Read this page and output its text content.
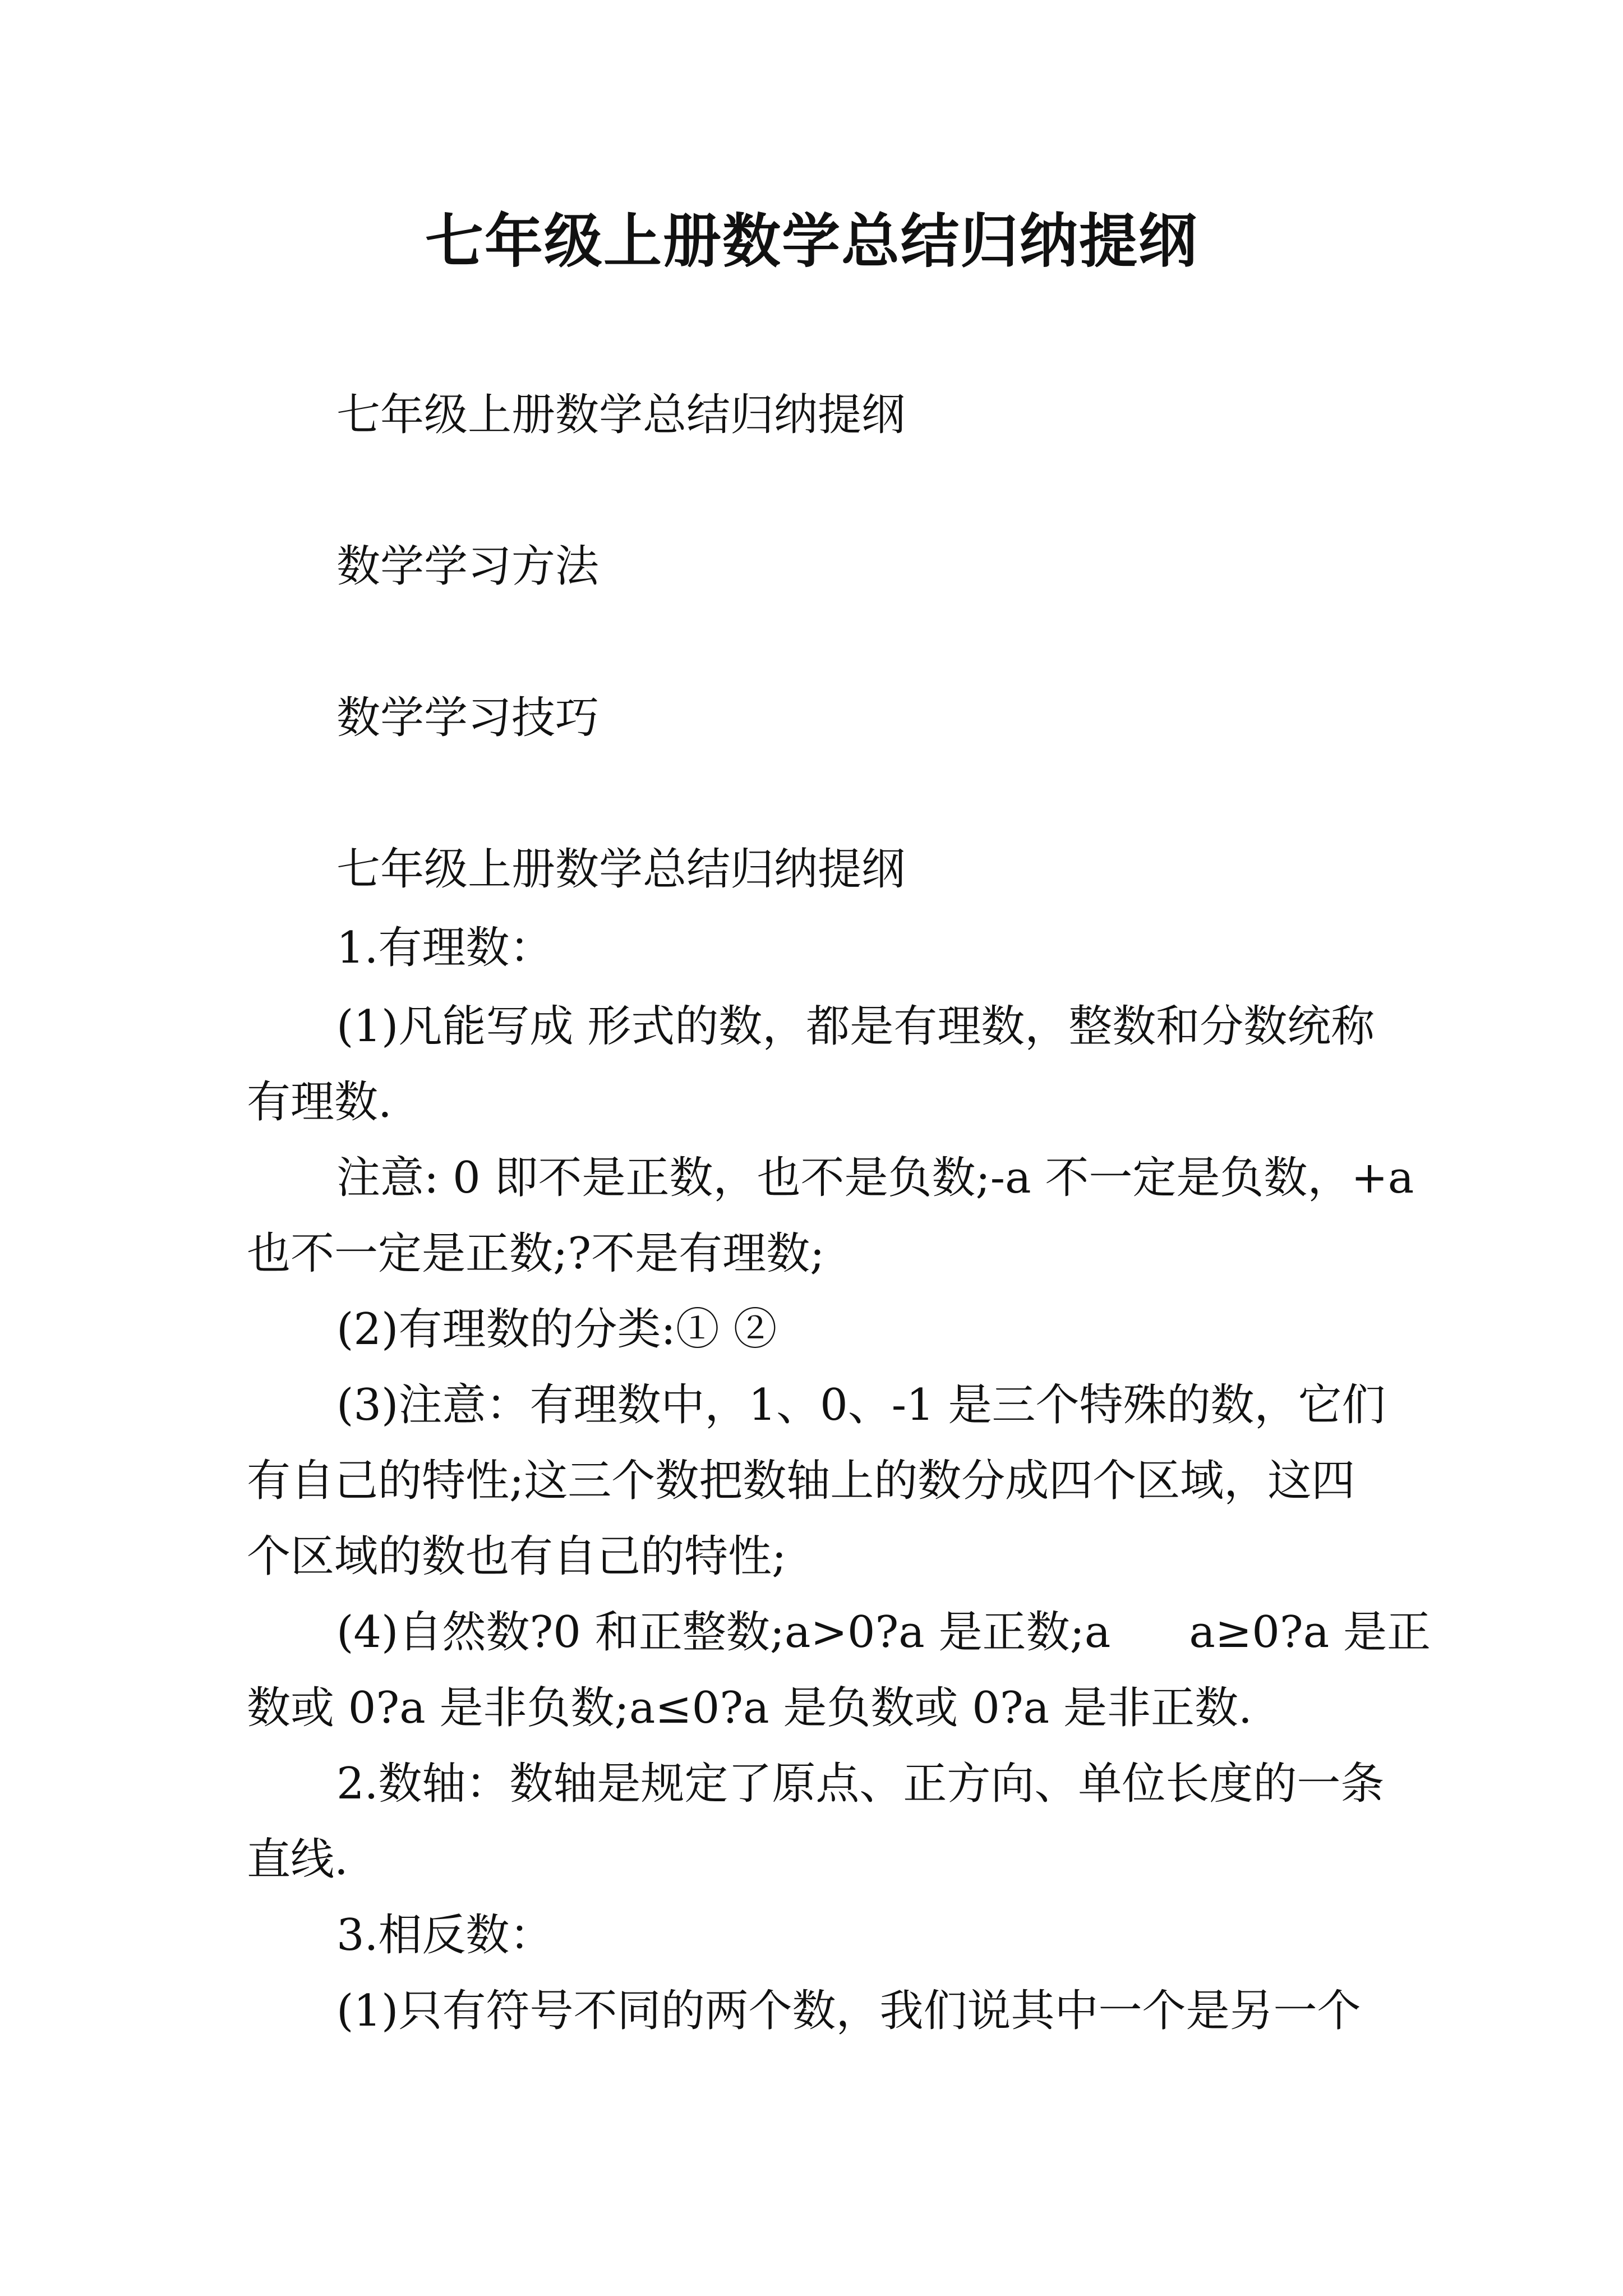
七年级上册数学总结归纳提纲

七年级上册数学总结归纳提纲

数学学习方法

数学学习技巧

七年级上册数学总结归纳提纲

1.有理数：

(1)凡能写成 形式的数，都是有理数，整数和分数统称

有理数.

注意: 0 即不是正数，也不是负数;-a 不一定是负数，+a

也不一定是正数;?不是有理数;

(2)有理数的分类:① ②

(3)注意：有理数中，1、0、-1 是三个特殊的数，它们

有自己的特性;这三个数把数轴上的数分成四个区域，这四

个区域的数也有自己的特性;

(4)自然数?0 和正整数;a>0?a 是正数;a a≥0?a 是正

数或 0?a 是非负数;a≤0?a 是负数或 0?a 是非正数.

2.数轴：数轴是规定了原点、正方向、单位长度的一条

直线.

3.相反数：

(1)只有符号不同的两个数，我们说其中一个是另一个
